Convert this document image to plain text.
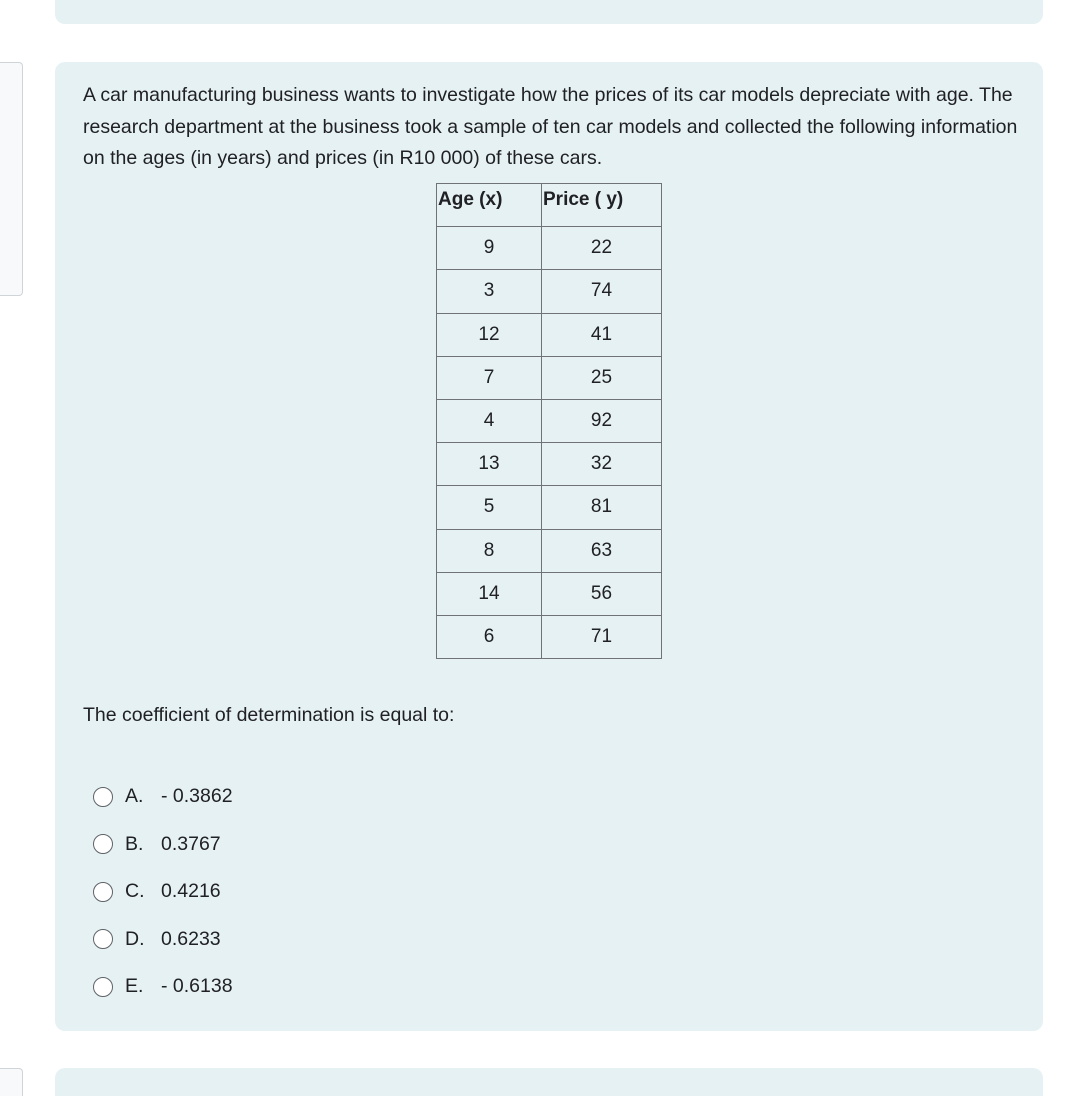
A car manufacturing business wants to investigate how the prices of its car models depreciate with age. The research department at the business took a sample of ten car models and collected the following information on the ages (in years) and prices (in R10 000) of these cars.

Age (x)	Price ( y)
9	22
3	74
12	41
7	25
4	92
13	32
5	81
8	63
14	56
6	71

The coefficient of determination is equal to:

A. - 0.3862
B. 0.3767
C. 0.4216
D. 0.6233
E. - 0.6138
